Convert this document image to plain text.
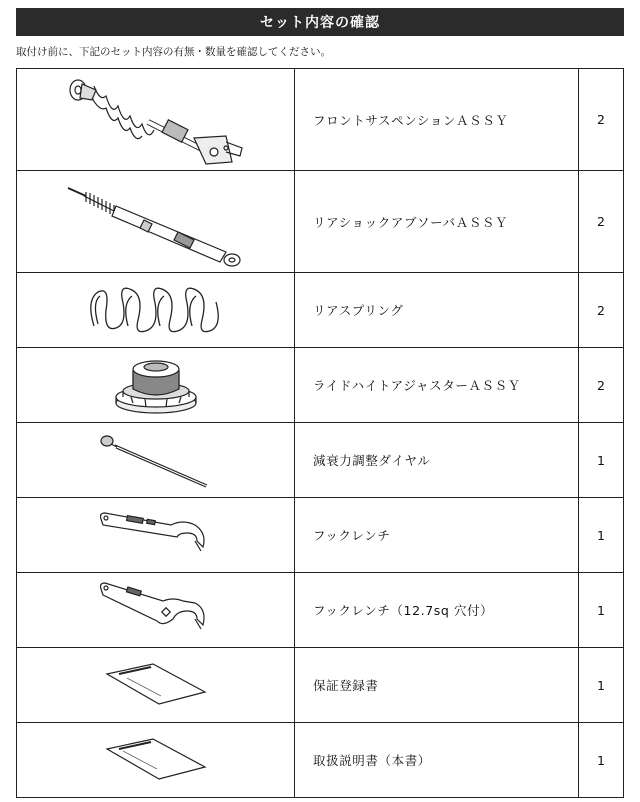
セット内容の確認
取付け前に、下記のセット内容の有無・数量を確認してください。
	フロントサスペンションＡＳＳＹ	2

	リアショックアブソーバＡＳＳＹ	2

	リアスプリング	2

	ライドハイトアジャスターＡＳＳＹ	2

	減衰力調整ダイヤル	1

	フックレンチ	1

	フックレンチ（12.7sq 穴付）	1

	保証登録書	1

	取扱説明書（本書）	1
